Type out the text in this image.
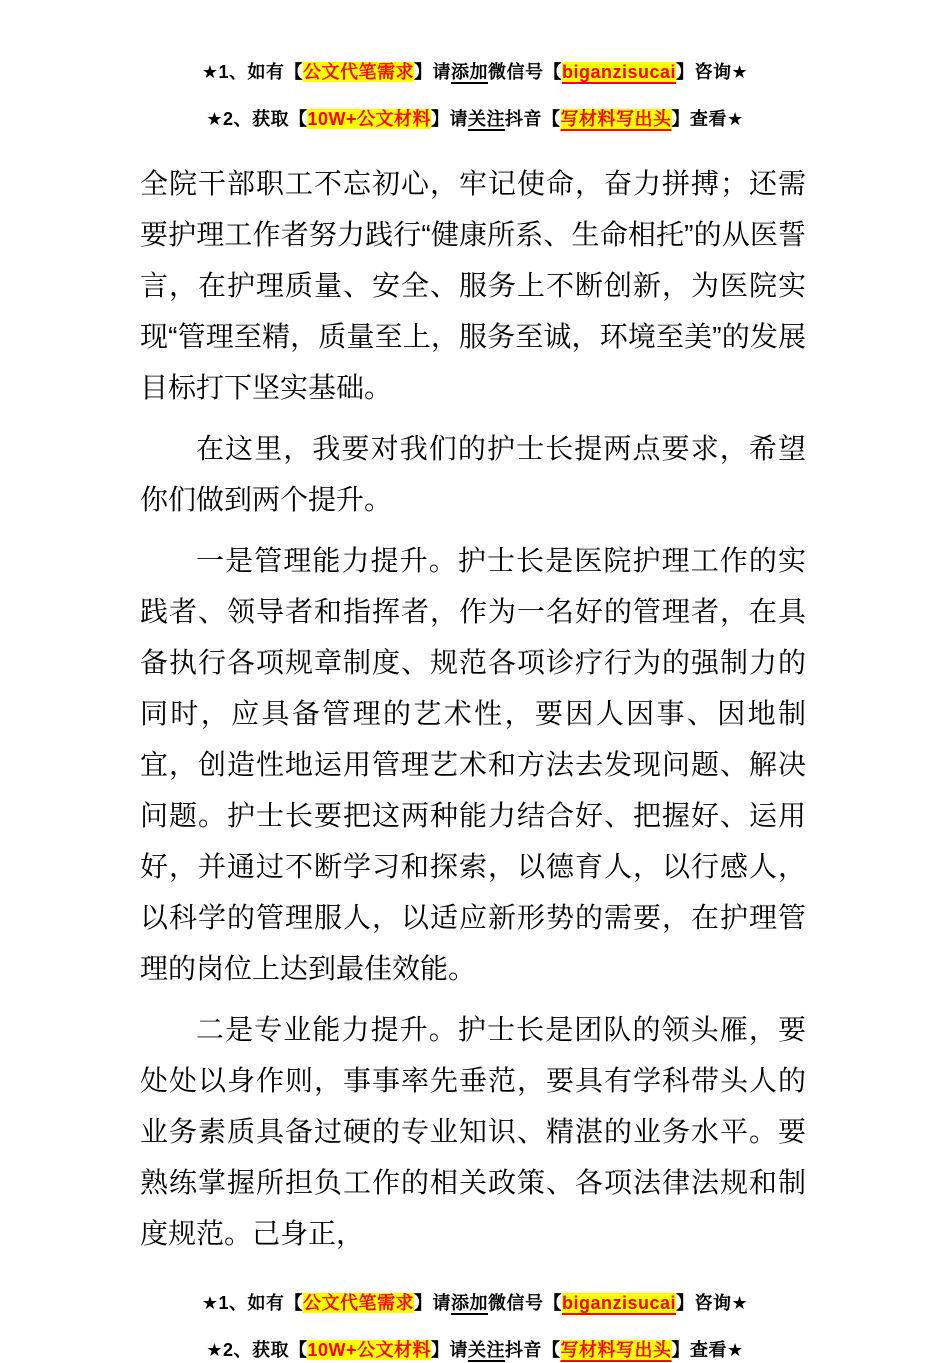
★1、如有【公文代笔需求】请添加微信号【biganzisucai】咨询★
★2、获取【10W+公文材料】请关注抖音【写材料写出头】查看★

全院干部职工不忘初心，牢记使命，奋力拼搏；还需要护理工作者努力践行“健康所系、生命相托”的从医誓言，在护理质量、安全、服务上不断创新，为医院实现“管理至精，质量至上，服务至诚，环境至美”的发展目标打下坚实基础。

在这里，我要对我们的护士长提两点要求，希望你们做到两个提升。

一是管理能力提升。护士长是医院护理工作的实践者、领导者和指挥者，作为一名好的管理者，在具备执行各项规章制度、规范各项诊疗行为的强制力的同时，应具备管理的艺术性，要因人因事、因地制宜，创造性地运用管理艺术和方法去发现问题、解决问题。护士长要把这两种能力结合好、把握好、运用好，并通过不断学习和探索，以德育人，以行感人，以科学的管理服人，以适应新形势的需要，在护理管理的岗位上达到最佳效能。

二是专业能力提升。护士长是团队的领头雁，要处处以身作则，事事率先垂范，要具有学科带头人的业务素质具备过硬的专业知识、精湛的业务水平。要熟练掌握所担负工作的相关政策、各项法律法规和制度规范。己身正，

★1、如有【公文代笔需求】请添加微信号【biganzisucai】咨询★
★2、获取【10W+公文材料】请关注抖音【写材料写出头】查看★
